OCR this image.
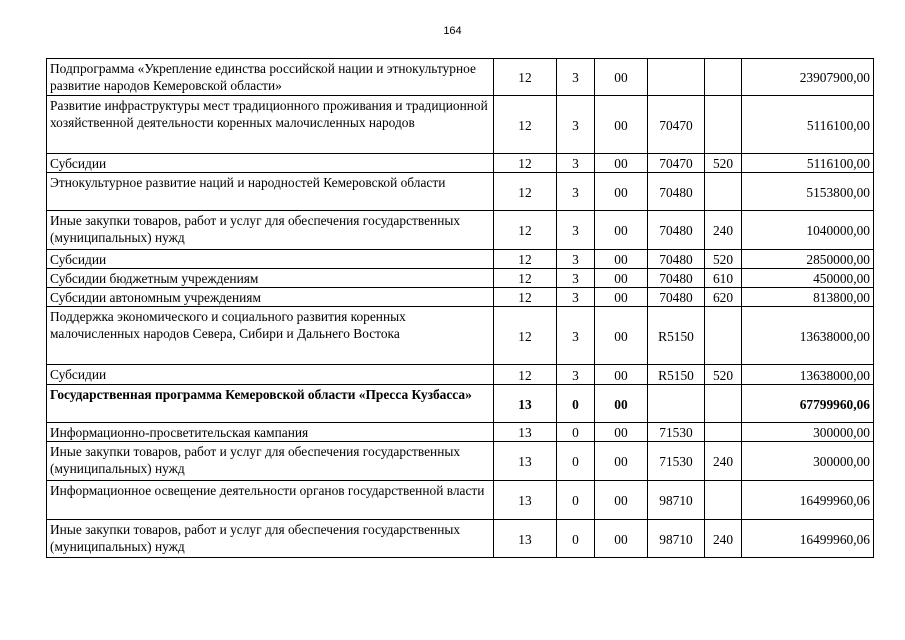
164
Подпрограмма «Укрепление единства российской нации и этнокультурное развитие народов Кемеровской области»	12	3	00			23907900,00
Развитие инфраструктуры мест традиционного проживания и традиционной хозяйственной деятельности коренных малочисленных народов	12	3	00	70470		5116100,00
Субсидии	12	3	00	70470	520	5116100,00
Этнокультурное развитие наций и народностей Кемеровской области	12	3	00	70480		5153800,00
Иные закупки товаров, работ и услуг для обеспечения государственных (муниципальных) нужд	12	3	00	70480	240	1040000,00
Субсидии	12	3	00	70480	520	2850000,00
Субсидии бюджетным учреждениям	12	3	00	70480	610	450000,00
Субсидии автономным учреждениям	12	3	00	70480	620	813800,00
Поддержка экономического и социального развития коренных малочисленных народов Севера, Сибири и Дальнего Востока	12	3	00	R5150		13638000,00
Субсидии	12	3	00	R5150	520	13638000,00
Государственная программа Кемеровской области «Пресса Кузбасса»	13	0	00			67799960,06
Информационно-просветительская кампания	13	0	00	71530		300000,00
Иные закупки товаров, работ и услуг для обеспечения государственных (муниципальных) нужд	13	0	00	71530	240	300000,00
Информационное освещение деятельности органов государственной власти	13	0	00	98710		16499960,06
Иные закупки товаров, работ и услуг для обеспечения государственных (муниципальных) нужд	13	0	00	98710	240	16499960,06
